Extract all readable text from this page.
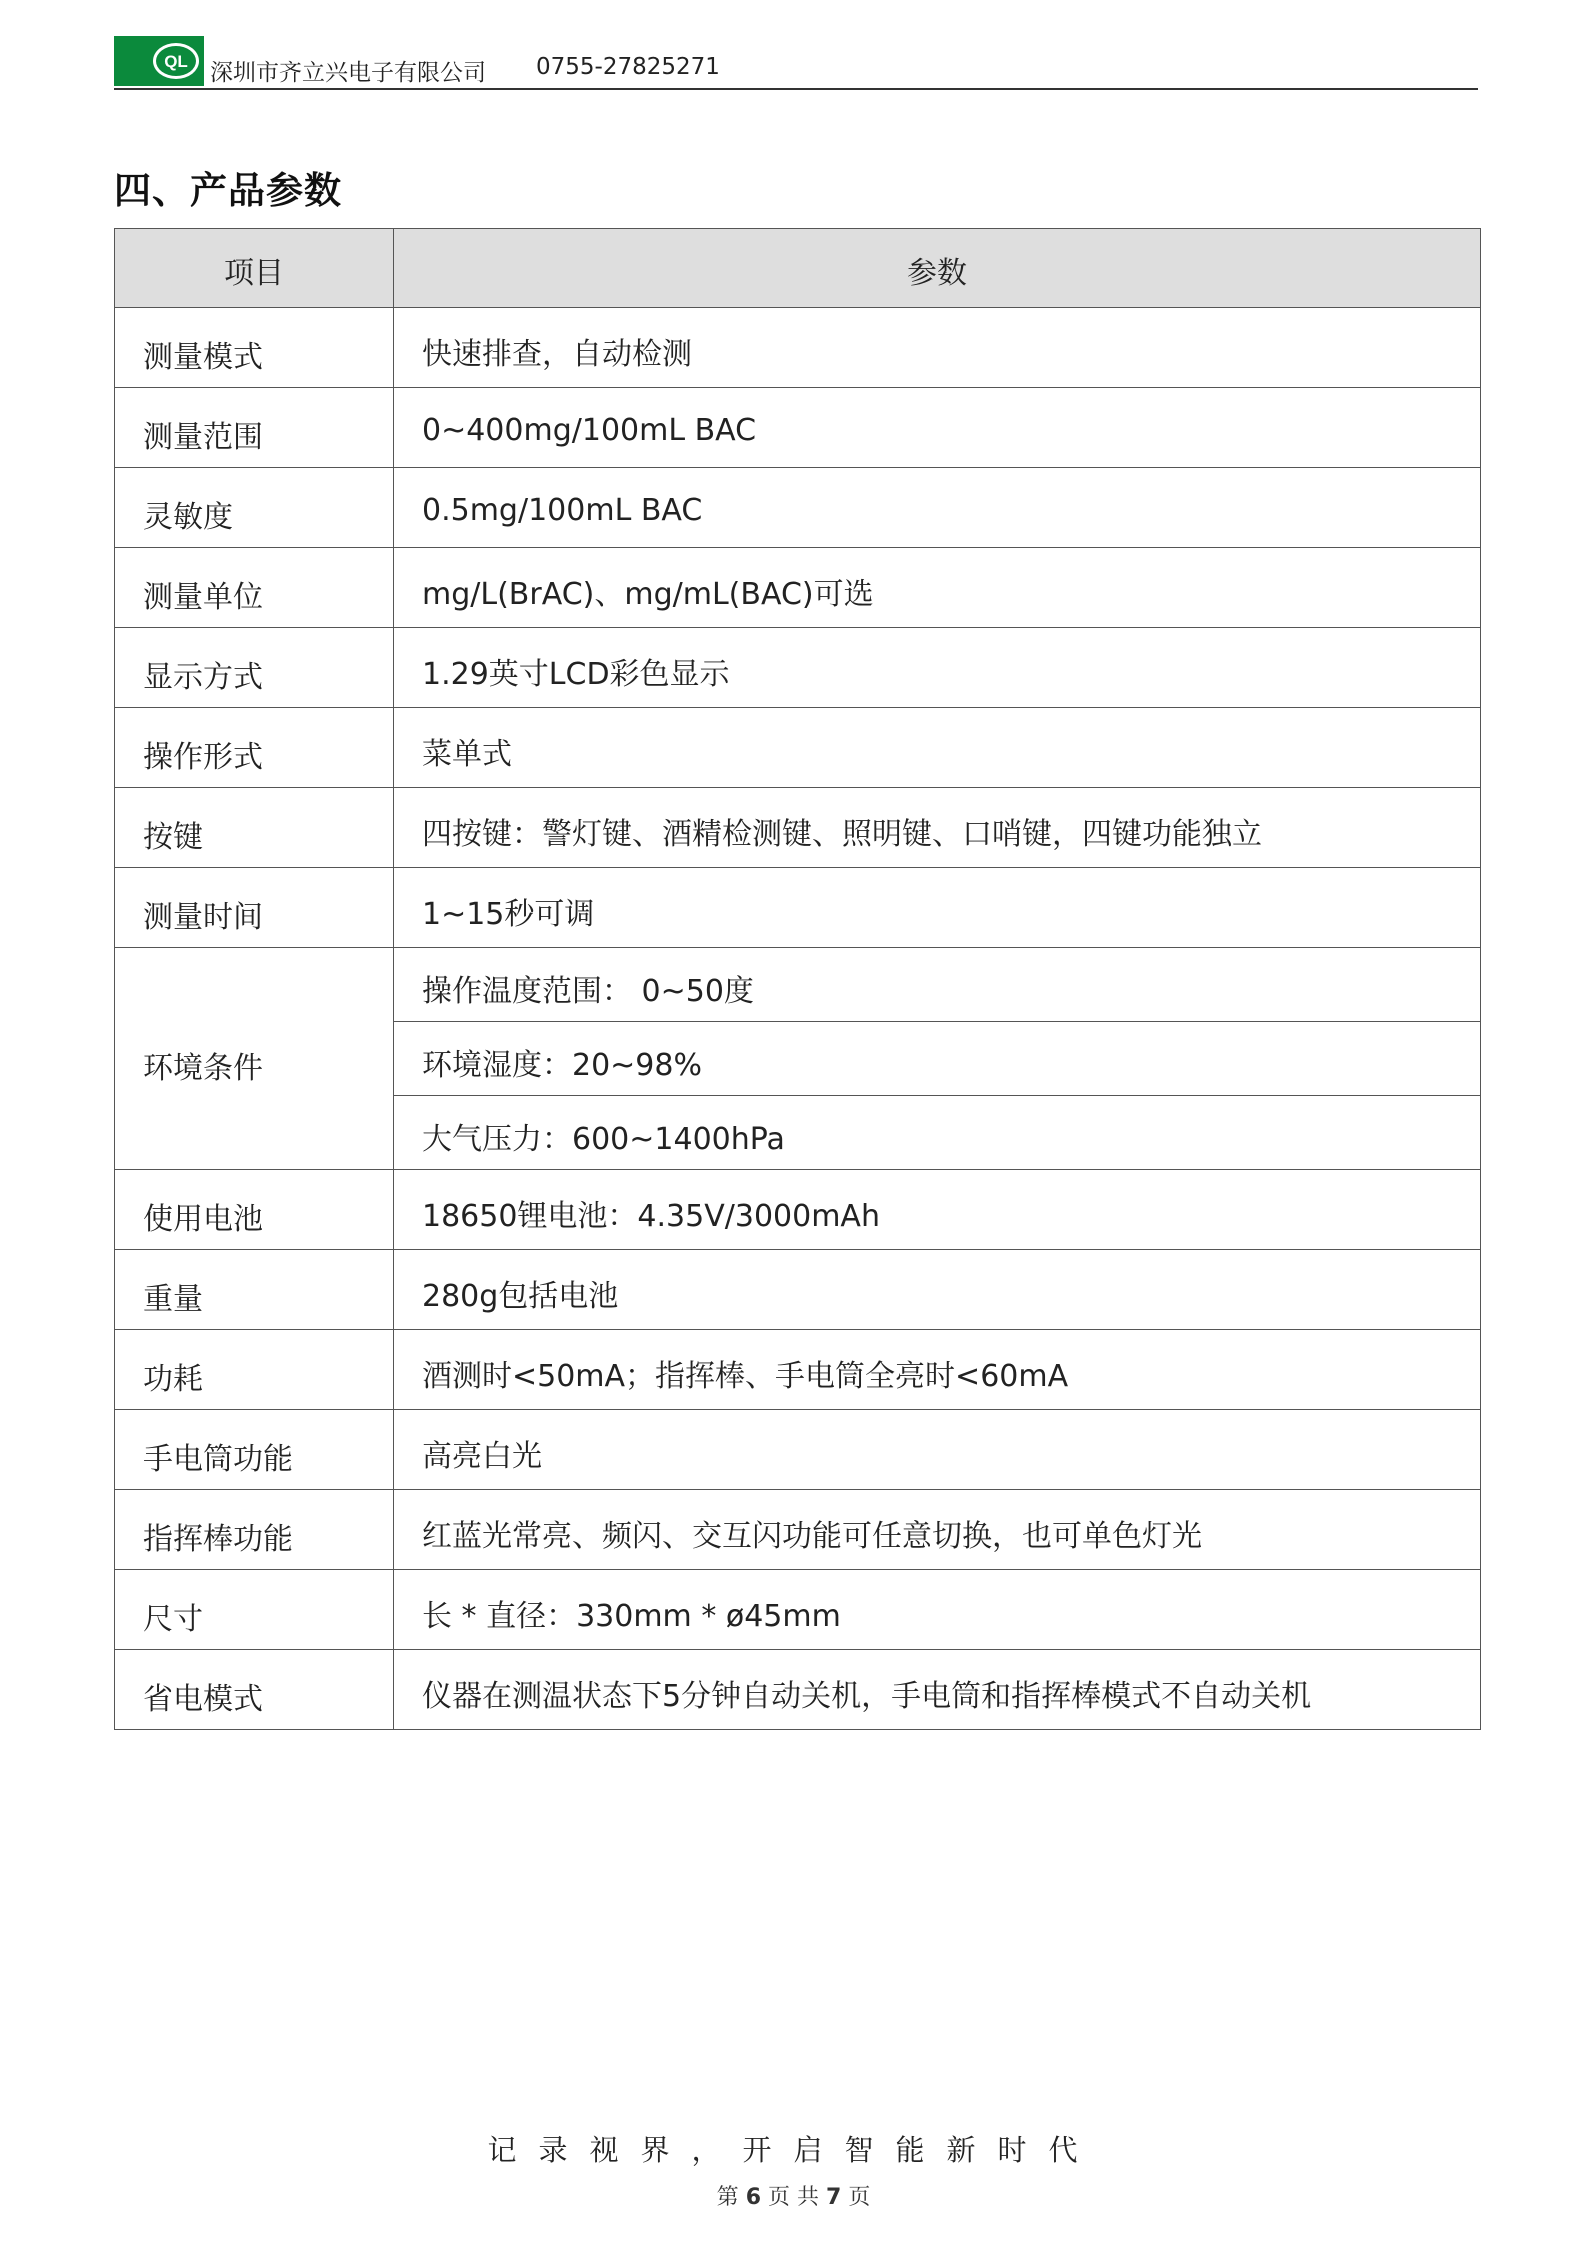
QL 深圳市齐立兴电子有限公司 0755-27825271
四、产品参数
项目	参数
测量模式	快速排查，自动检测
测量范围	0~400mg/100mL BAC
灵敏度	0.5mg/100mL BAC
测量单位	mg/L(BrAC)、mg/mL(BAC)可选
显示方式	1.29英寸LCD彩色显示
操作形式	菜单式
按键	四按键：警灯键、酒精检测键、照明键、口哨键，四键功能独立
测量时间	1~15秒可调
环境条件	操作温度范围： 0~50度
	环境湿度：20~98%
	大气压力：600~1400hPa
使用电池	18650锂电池：4.35V/3000mAh
重量	280g包括电池
功耗	酒测时<50mA；指挥棒、手电筒全亮时<60mA
手电筒功能	高亮白光
指挥棒功能	红蓝光常亮、频闪、交互闪功能可任意切换，也可单色灯光
尺寸	长 * 直径：330mm * ø45mm
省电模式	仪器在测温状态下5分钟自动关机，手电筒和指挥棒模式不自动关机
记录视界，开启智能新时代
第 6 页 共 7 页
